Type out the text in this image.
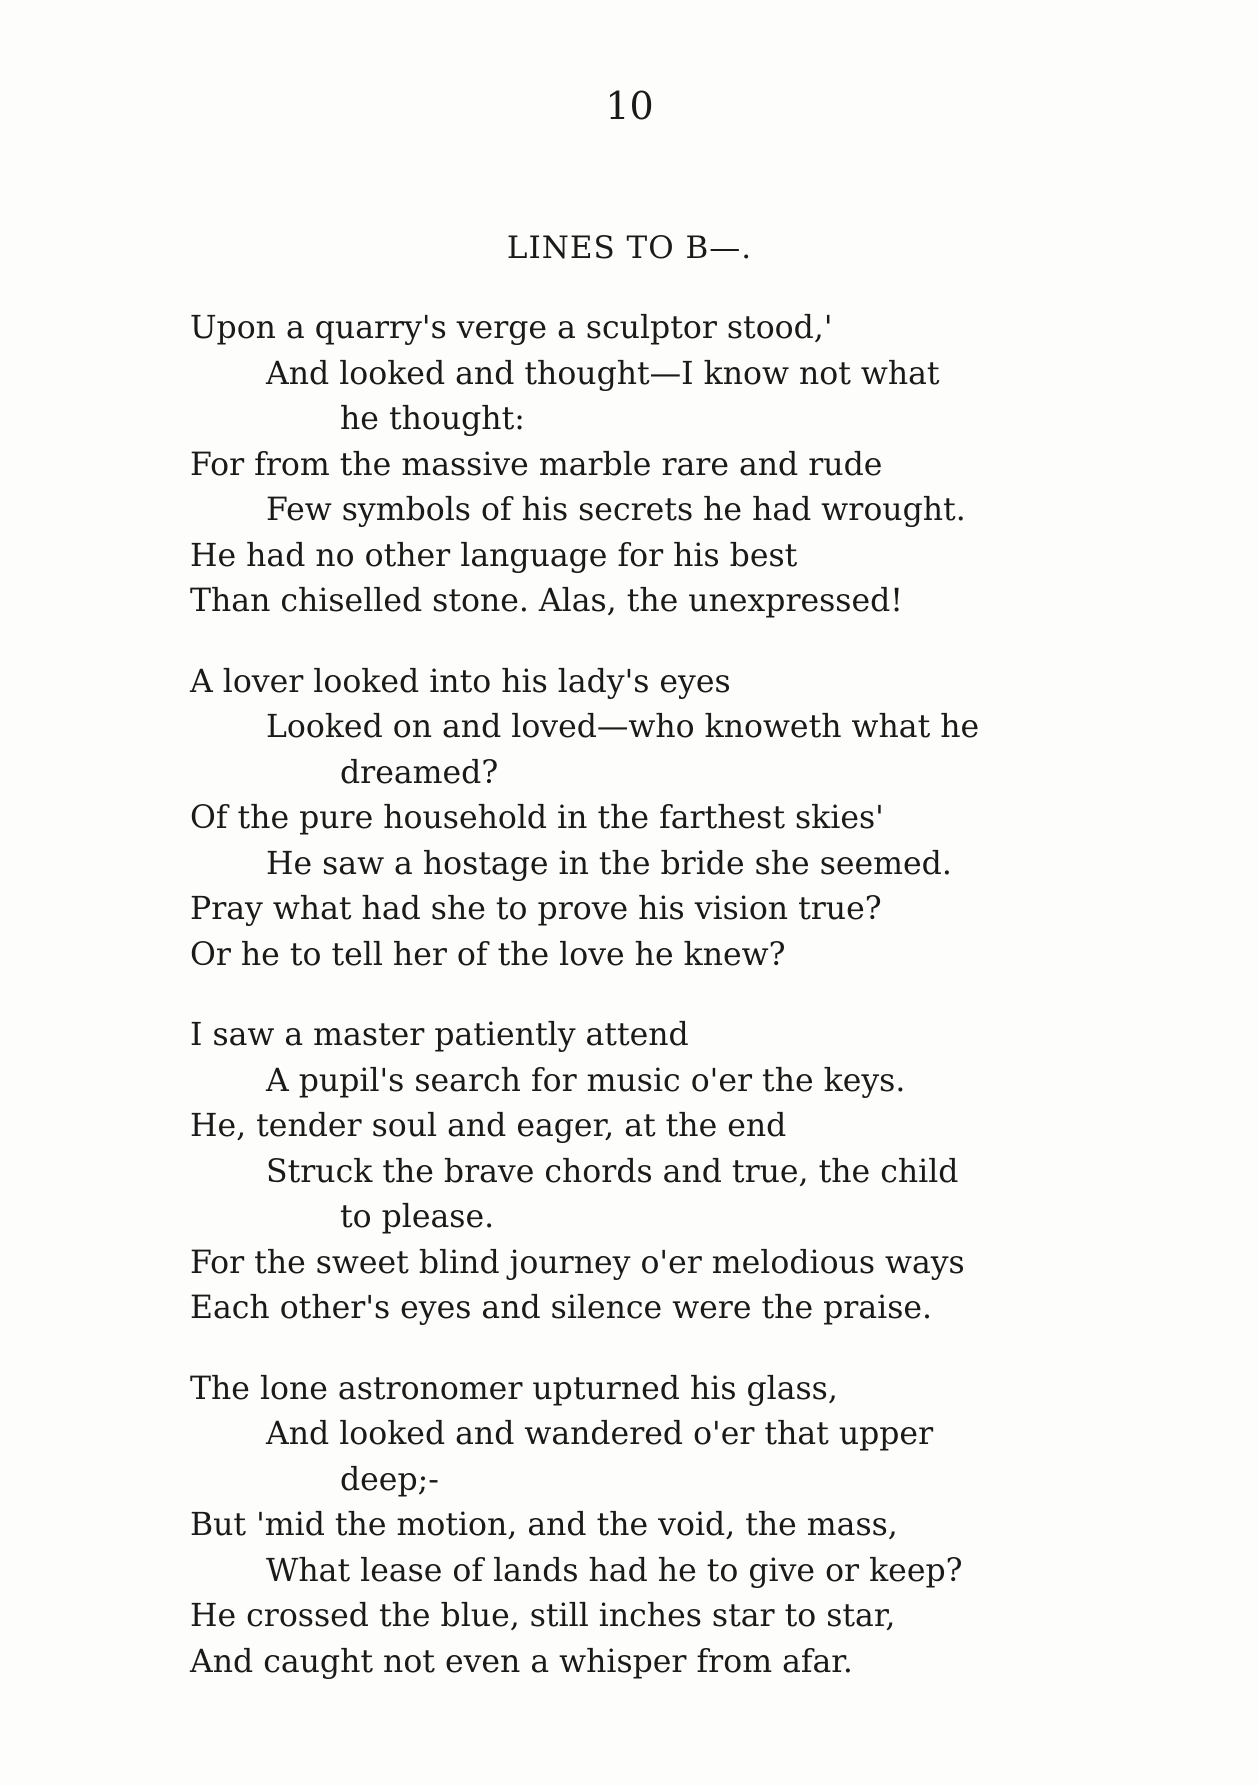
10
LINES TO B—.
Upon a quarry's verge a sculptor stood,'
And looked and thought—I know not what
he thought:
For from the massive marble rare and rude
Few symbols of his secrets he had wrought.
He had no other language for his best
Than chiselled stone. Alas, the unexpressed!
A lover looked into his lady's eyes
Looked on and loved—who knoweth what he
dreamed?
Of the pure household in the farthest skies'
He saw a hostage in the bride she seemed.
Pray what had she to prove his vision true?
Or he to tell her of the love he knew?
I saw a master patiently attend
A pupil's search for music o'er the keys.
He, tender soul and eager, at the end
Struck the brave chords and true, the child
to please.
For the sweet blind journey o'er melodious ways
Each other's eyes and silence were the praise.
The lone astronomer upturned his glass,
And looked and wandered o'er that upper
deep;-
But 'mid the motion, and the void, the mass,
What lease of lands had he to give or keep?
He crossed the blue, still inches star to star,
And caught not even a whisper from afar.
